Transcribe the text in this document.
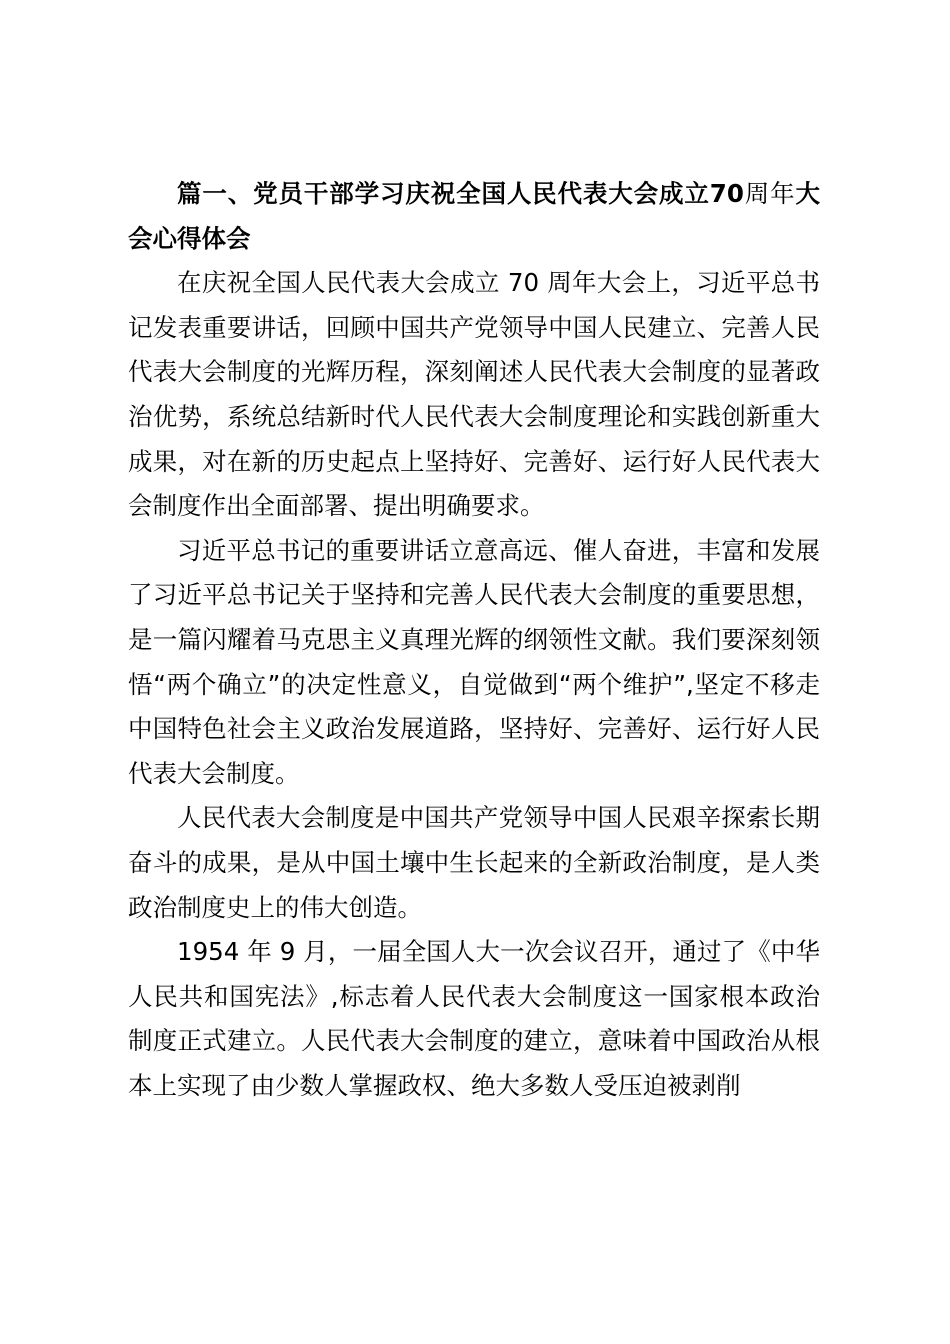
篇一、党员干部学习庆祝全国人民代表大会成立70周年大会心得体会

在庆祝全国人民代表大会成立 70 周年大会上，习近平总书记发表重要讲话，回顾中国共产党领导中国人民建立、完善人民代表大会制度的光辉历程，深刻阐述人民代表大会制度的显著政治优势，系统总结新时代人民代表大会制度理论和实践创新重大成果，对在新的历史起点上坚持好、完善好、运行好人民代表大会制度作出全面部署、提出明确要求。

习近平总书记的重要讲话立意高远、催人奋进，丰富和发展了习近平总书记关于坚持和完善人民代表大会制度的重要思想，是一篇闪耀着马克思主义真理光辉的纲领性文献。我们要深刻领悟“两个确立”的决定性意义，自觉做到“两个维护”,坚定不移走中国特色社会主义政治发展道路，坚持好、完善好、运行好人民代表大会制度。

人民代表大会制度是中国共产党领导中国人民艰辛探索长期奋斗的成果，是从中国土壤中生长起来的全新政治制度，是人类政治制度史上的伟大创造。

1954 年 9 月，一届全国人大一次会议召开，通过了《中华人民共和国宪法》,标志着人民代表大会制度这一国家根本政治制度正式建立。人民代表大会制度的建立，意味着中国政治从根本上实现了由少数人掌握政权、绝大多数人受压迫被剥削
